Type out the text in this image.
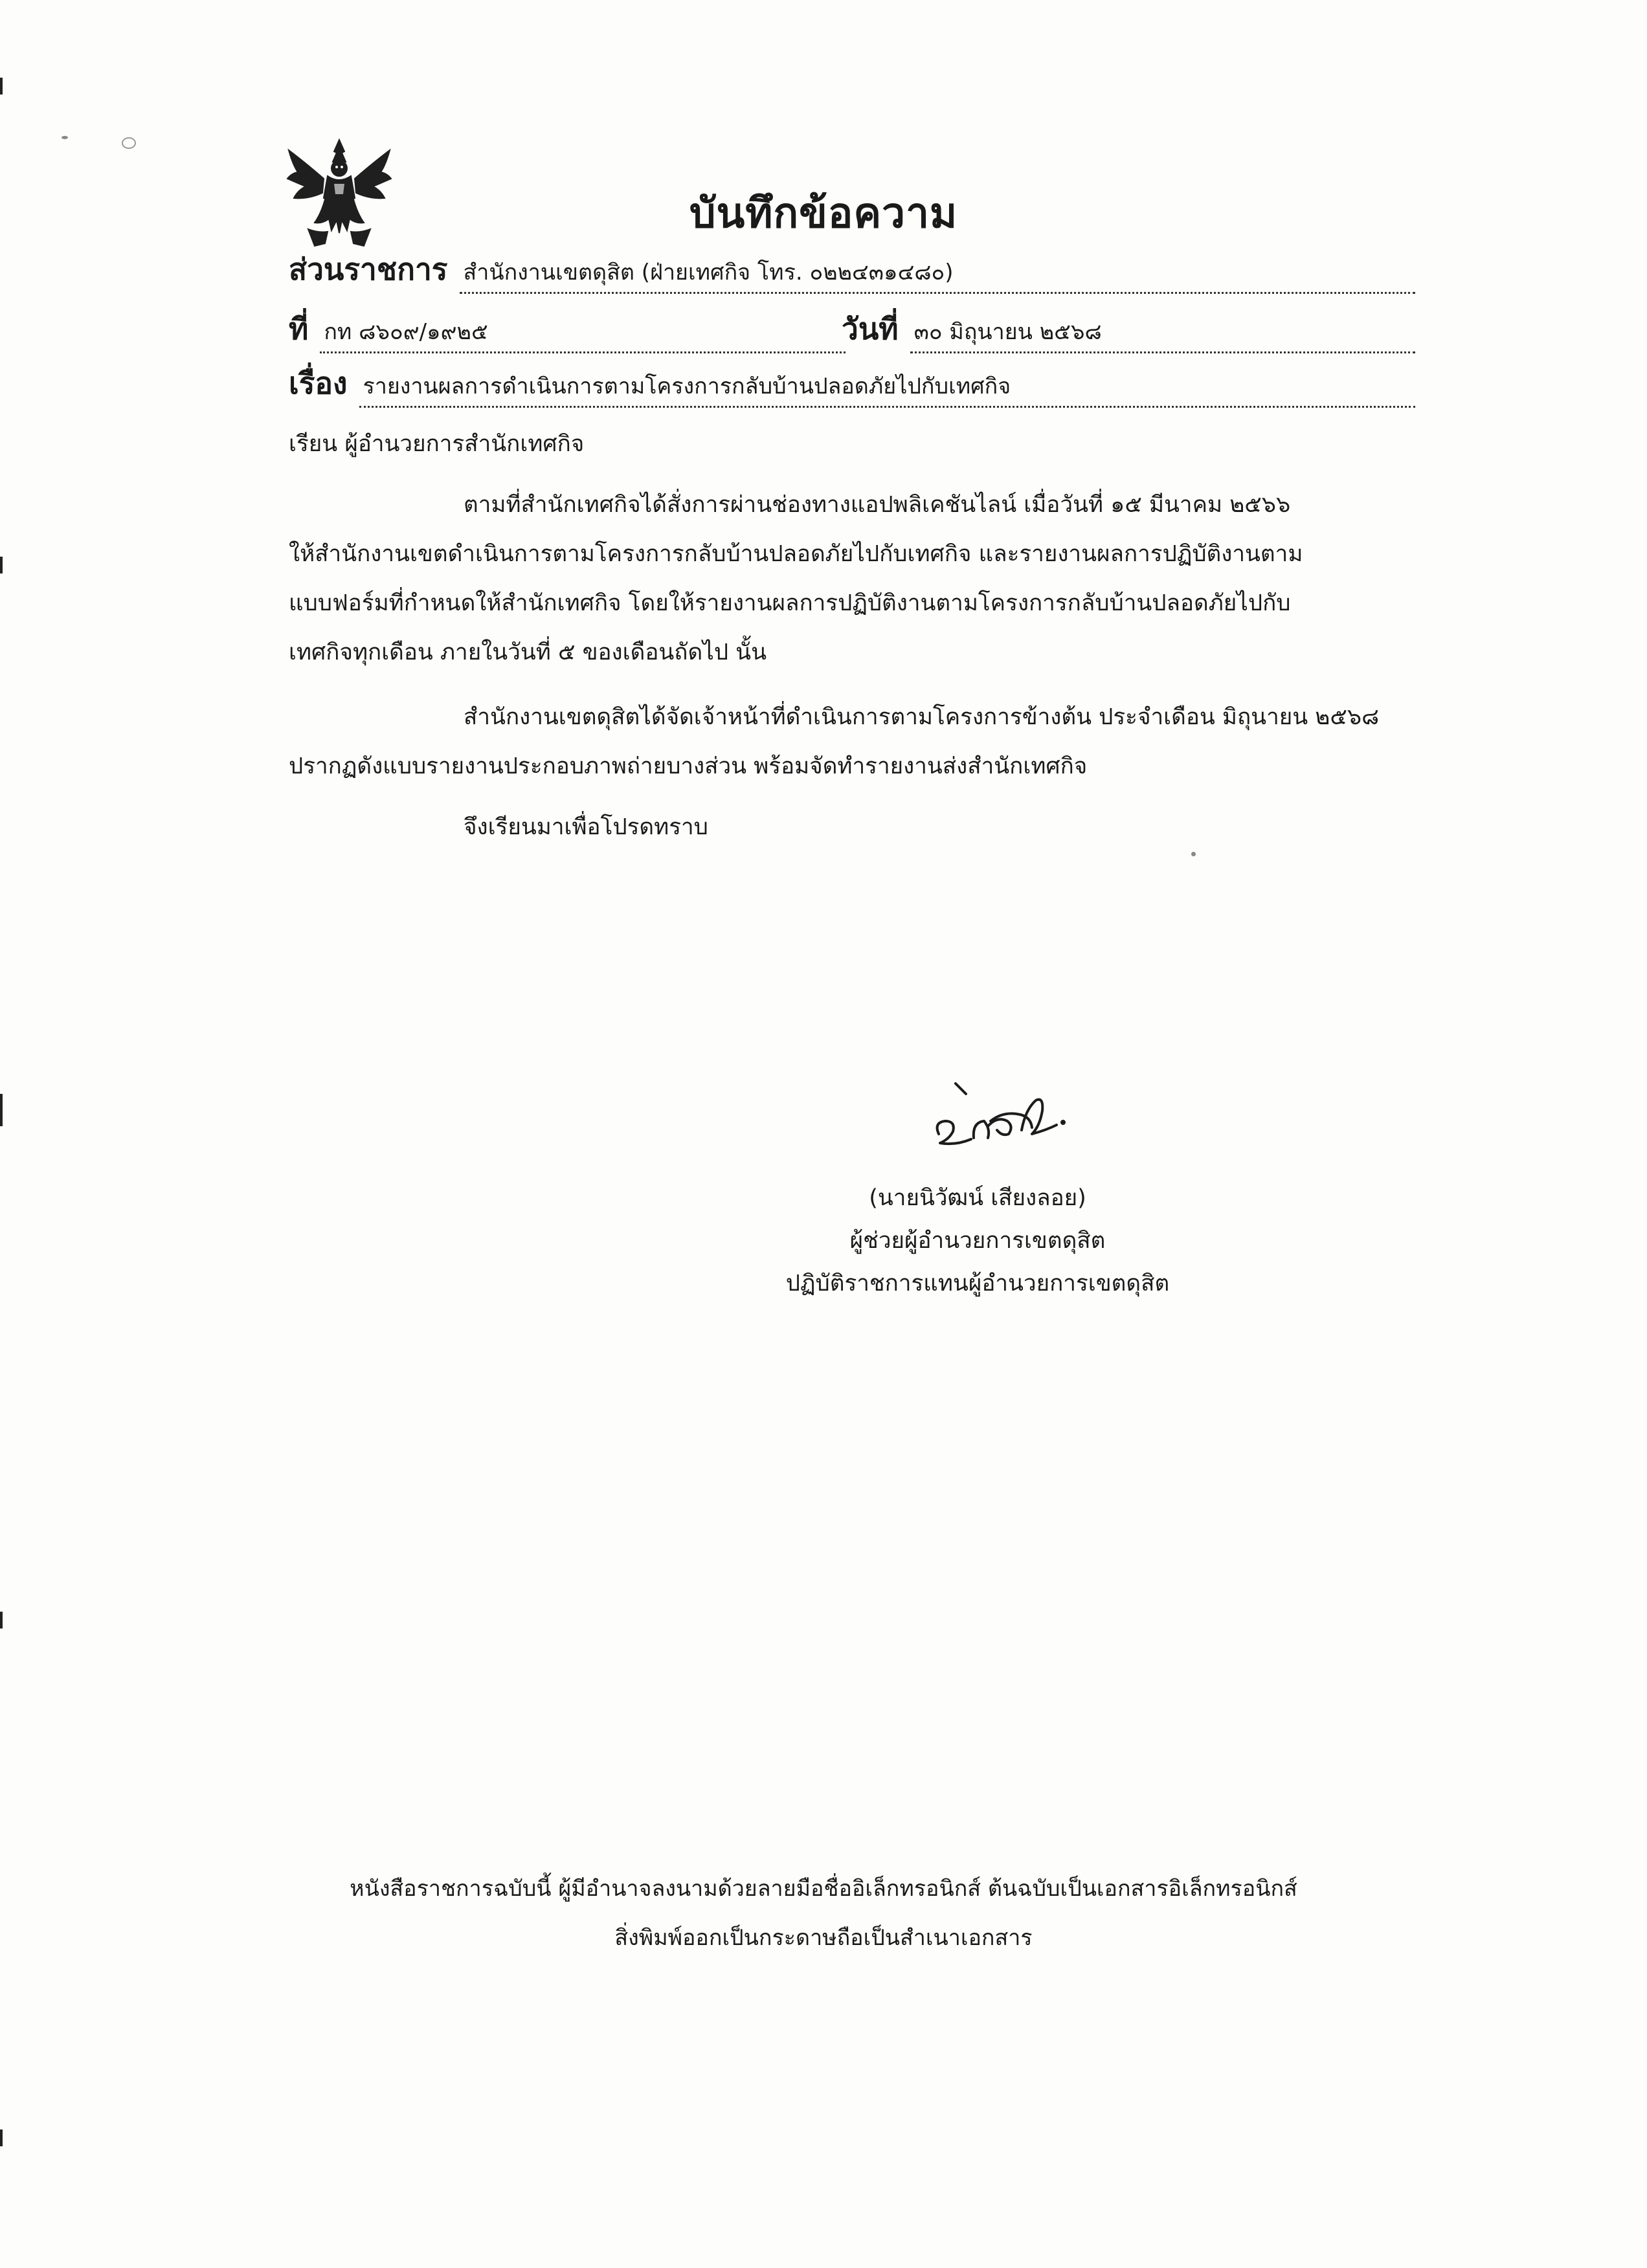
บันทึกข้อความ
ส่วนราชการ สำนักงานเขตดุสิต (ฝ่ายเทศกิจ โทร. ๐๒๒๔๓๑๔๘๐)
ที่ กท ๘๖๐๙/๑๙๒๕	วันที่ ๓๐ มิถุนายน ๒๕๖๘
เรื่อง รายงานผลการดำเนินการตามโครงการกลับบ้านปลอดภัยไปกับเทศกิจ
เรียน ผู้อำนวยการสำนักเทศกิจ
ตามที่สำนักเทศกิจได้สั่งการผ่านช่องทางแอปพลิเคชันไลน์ เมื่อวันที่ ๑๕ มีนาคม ๒๕๖๖
ให้สำนักงานเขตดำเนินการตามโครงการกลับบ้านปลอดภัยไปกับเทศกิจ และรายงานผลการปฏิบัติงานตาม
แบบฟอร์มที่กำหนดให้สำนักเทศกิจ โดยให้รายงานผลการปฏิบัติงานตามโครงการกลับบ้านปลอดภัยไปกับ
เทศกิจทุกเดือน ภายในวันที่ ๕ ของเดือนถัดไป นั้น
สำนักงานเขตดุสิตได้จัดเจ้าหน้าที่ดำเนินการตามโครงการข้างต้น ประจำเดือน มิถุนายน ๒๕๖๘
ปรากฏดังแบบรายงานประกอบภาพถ่ายบางส่วน พร้อมจัดทำรายงานส่งสำนักเทศกิจ
จึงเรียนมาเพื่อโปรดทราบ
(นายนิวัฒน์ เสียงลอย)
ผู้ช่วยผู้อำนวยการเขตดุสิต
ปฏิบัติราชการแทนผู้อำนวยการเขตดุสิต
หนังสือราชการฉบับนี้ ผู้มีอำนาจลงนามด้วยลายมือชื่ออิเล็กทรอนิกส์ ต้นฉบับเป็นเอกสารอิเล็กทรอนิกส์
สิ่งพิมพ์ออกเป็นกระดาษถือเป็นสำเนาเอกสาร
